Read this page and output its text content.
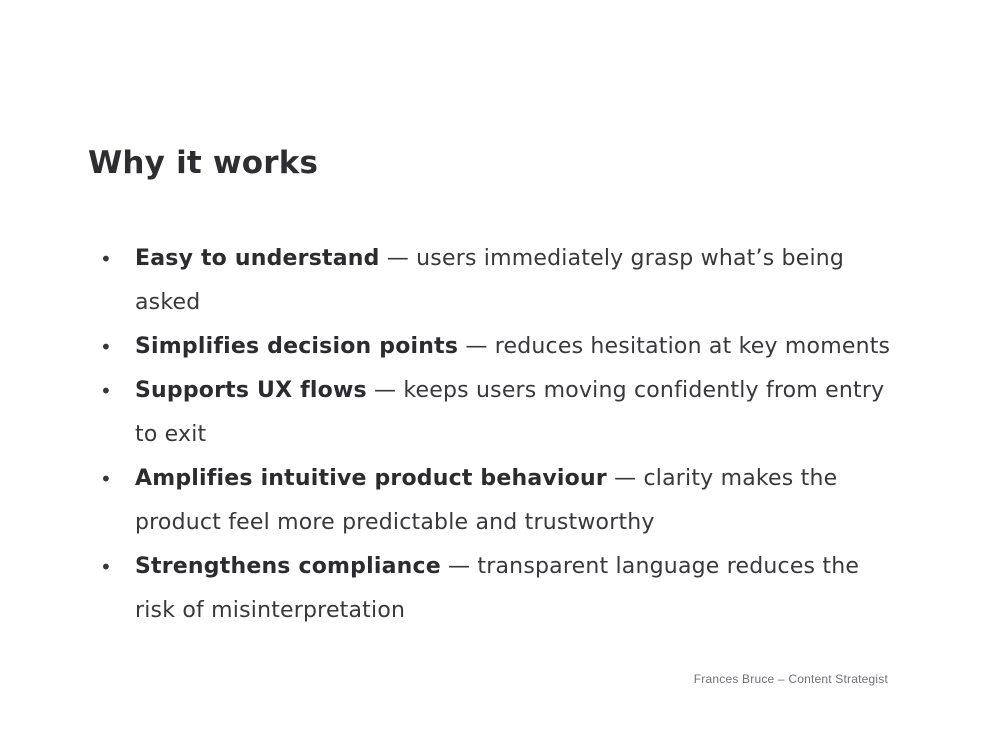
Why it works
•	Easy to understand — users immediately grasp what’s being
asked
•	Simplifies decision points — reduces hesitation at key moments
•	Supports UX flows — keeps users moving confidently from entry
to exit
•	Amplifies intuitive product behaviour — clarity makes the
product feel more predictable and trustworthy
•	Strengthens compliance — transparent language reduces the
risk of misinterpretation
Frances Bruce – Content Strategist
